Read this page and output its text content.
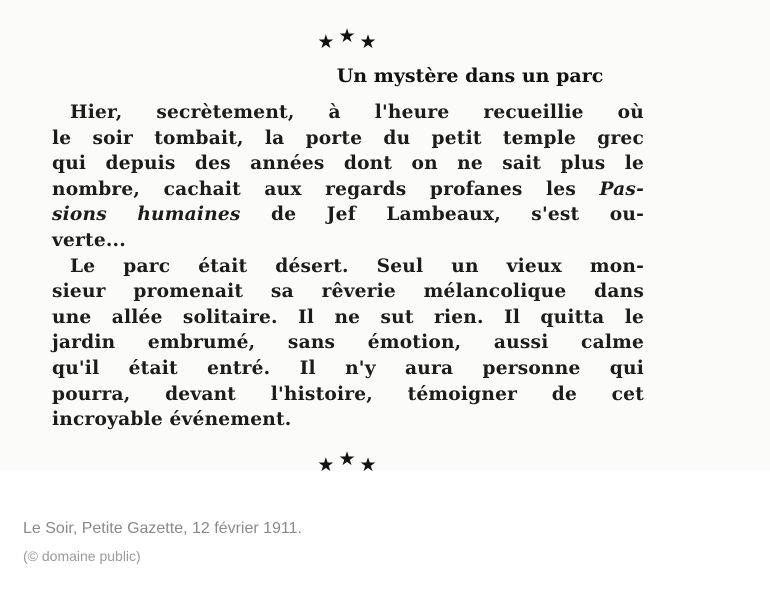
★★★
Un mystère dans un parc
Hier, secrètement, à l'heure recueillie où
le soir tombait, la porte du petit temple grec
qui depuis des années dont on ne sait plus le
nombre, cachait aux regards profanes les Pas-
sions humaines de Jef Lambeaux, s'est ou-
verte...
Le parc était désert. Seul un vieux mon-
sieur promenait sa rêverie mélancolique dans
une allée solitaire. Il ne sut rien. Il quitta le
jardin embrumé, sans émotion, aussi calme
qu'il était entré. Il n'y aura personne qui
pourra, devant l'histoire, témoigner de cet
incroyable événement.
★★★
Le Soir, Petite Gazette, 12 février 1911.
(© domaine public)
